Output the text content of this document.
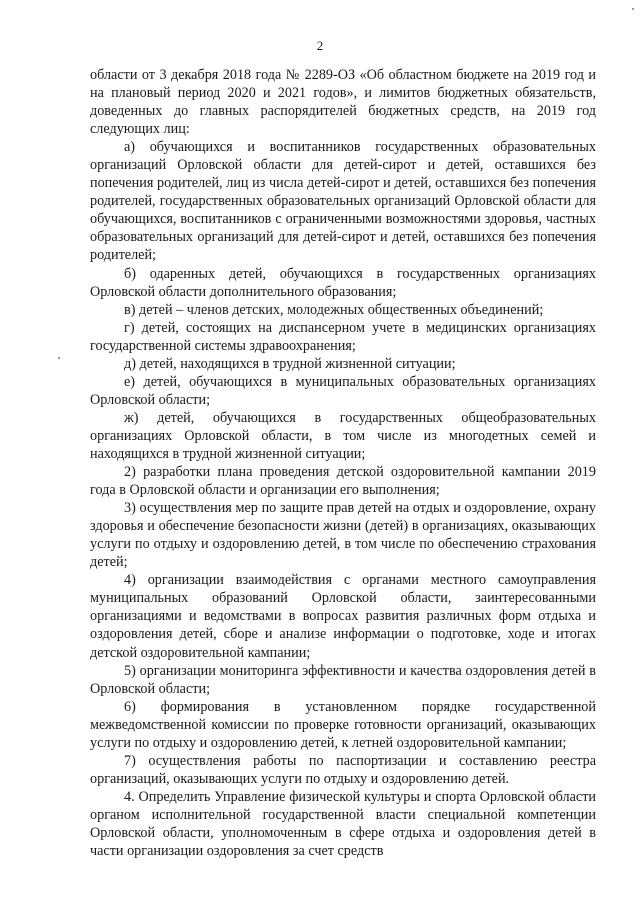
2

области от 3 декабря 2018 года № 2289-ОЗ «Об областном бюджете на 2019 год и на плановый период 2020 и 2021 годов», и лимитов бюджетных обязательств, доведенных до главных распорядителей бюджетных средств, на 2019 год следующих лиц:

а) обучающихся и воспитанников государственных образовательных организаций Орловской области для детей-сирот и детей, оставшихся без попечения родителей, лиц из числа детей-сирот и детей, оставшихся без попечения родителей, государственных образовательных организаций Орловской области для обучающихся, воспитанников с ограниченными возможностями здоровья, частных образовательных организаций для детей-сирот и детей, оставшихся без попечения родителей;

б) одаренных детей, обучающихся в государственных организациях Орловской области дополнительного образования;

в) детей – членов детских, молодежных общественных объединений;

г) детей, состоящих на диспансерном учете в медицинских организациях государственной системы здравоохранения;

д) детей, находящихся в трудной жизненной ситуации;

е) детей, обучающихся в муниципальных образовательных организациях Орловской области;

ж) детей, обучающихся в государственных общеобразовательных организациях Орловской области, в том числе из многодетных семей и находящихся в трудной жизненной ситуации;

2) разработки плана проведения детской оздоровительной кампании 2019 года в Орловской области и организации его выполнения;

3) осуществления мер по защите прав детей на отдых и оздоровление, охрану здоровья и обеспечение безопасности жизни (детей) в организациях, оказывающих услуги по отдыху и оздоровлению детей, в том числе по обеспечению страхования детей;

4) организации взаимодействия с органами местного самоуправления муниципальных образований Орловской области, заинтересованными организациями и ведомствами в вопросах развития различных форм отдыха и оздоровления детей, сборе и анализе информации о подготовке, ходе и итогах детской оздоровительной кампании;

5) организации мониторинга эффективности и качества оздоровления детей в Орловской области;

6) формирования в установленном порядке государственной межведомственной комиссии по проверке готовности организаций, оказывающих услуги по отдыху и оздоровлению детей, к летней оздоровительной кампании;

7) осуществления работы по паспортизации и составлению реестра организаций, оказывающих услуги по отдыху и оздоровлению детей.

4. Определить Управление физической культуры и спорта Орловской области органом исполнительной государственной власти специальной компетенции Орловской области, уполномоченным в сфере отдыха и оздоровления детей в части организации оздоровления за счет средств
